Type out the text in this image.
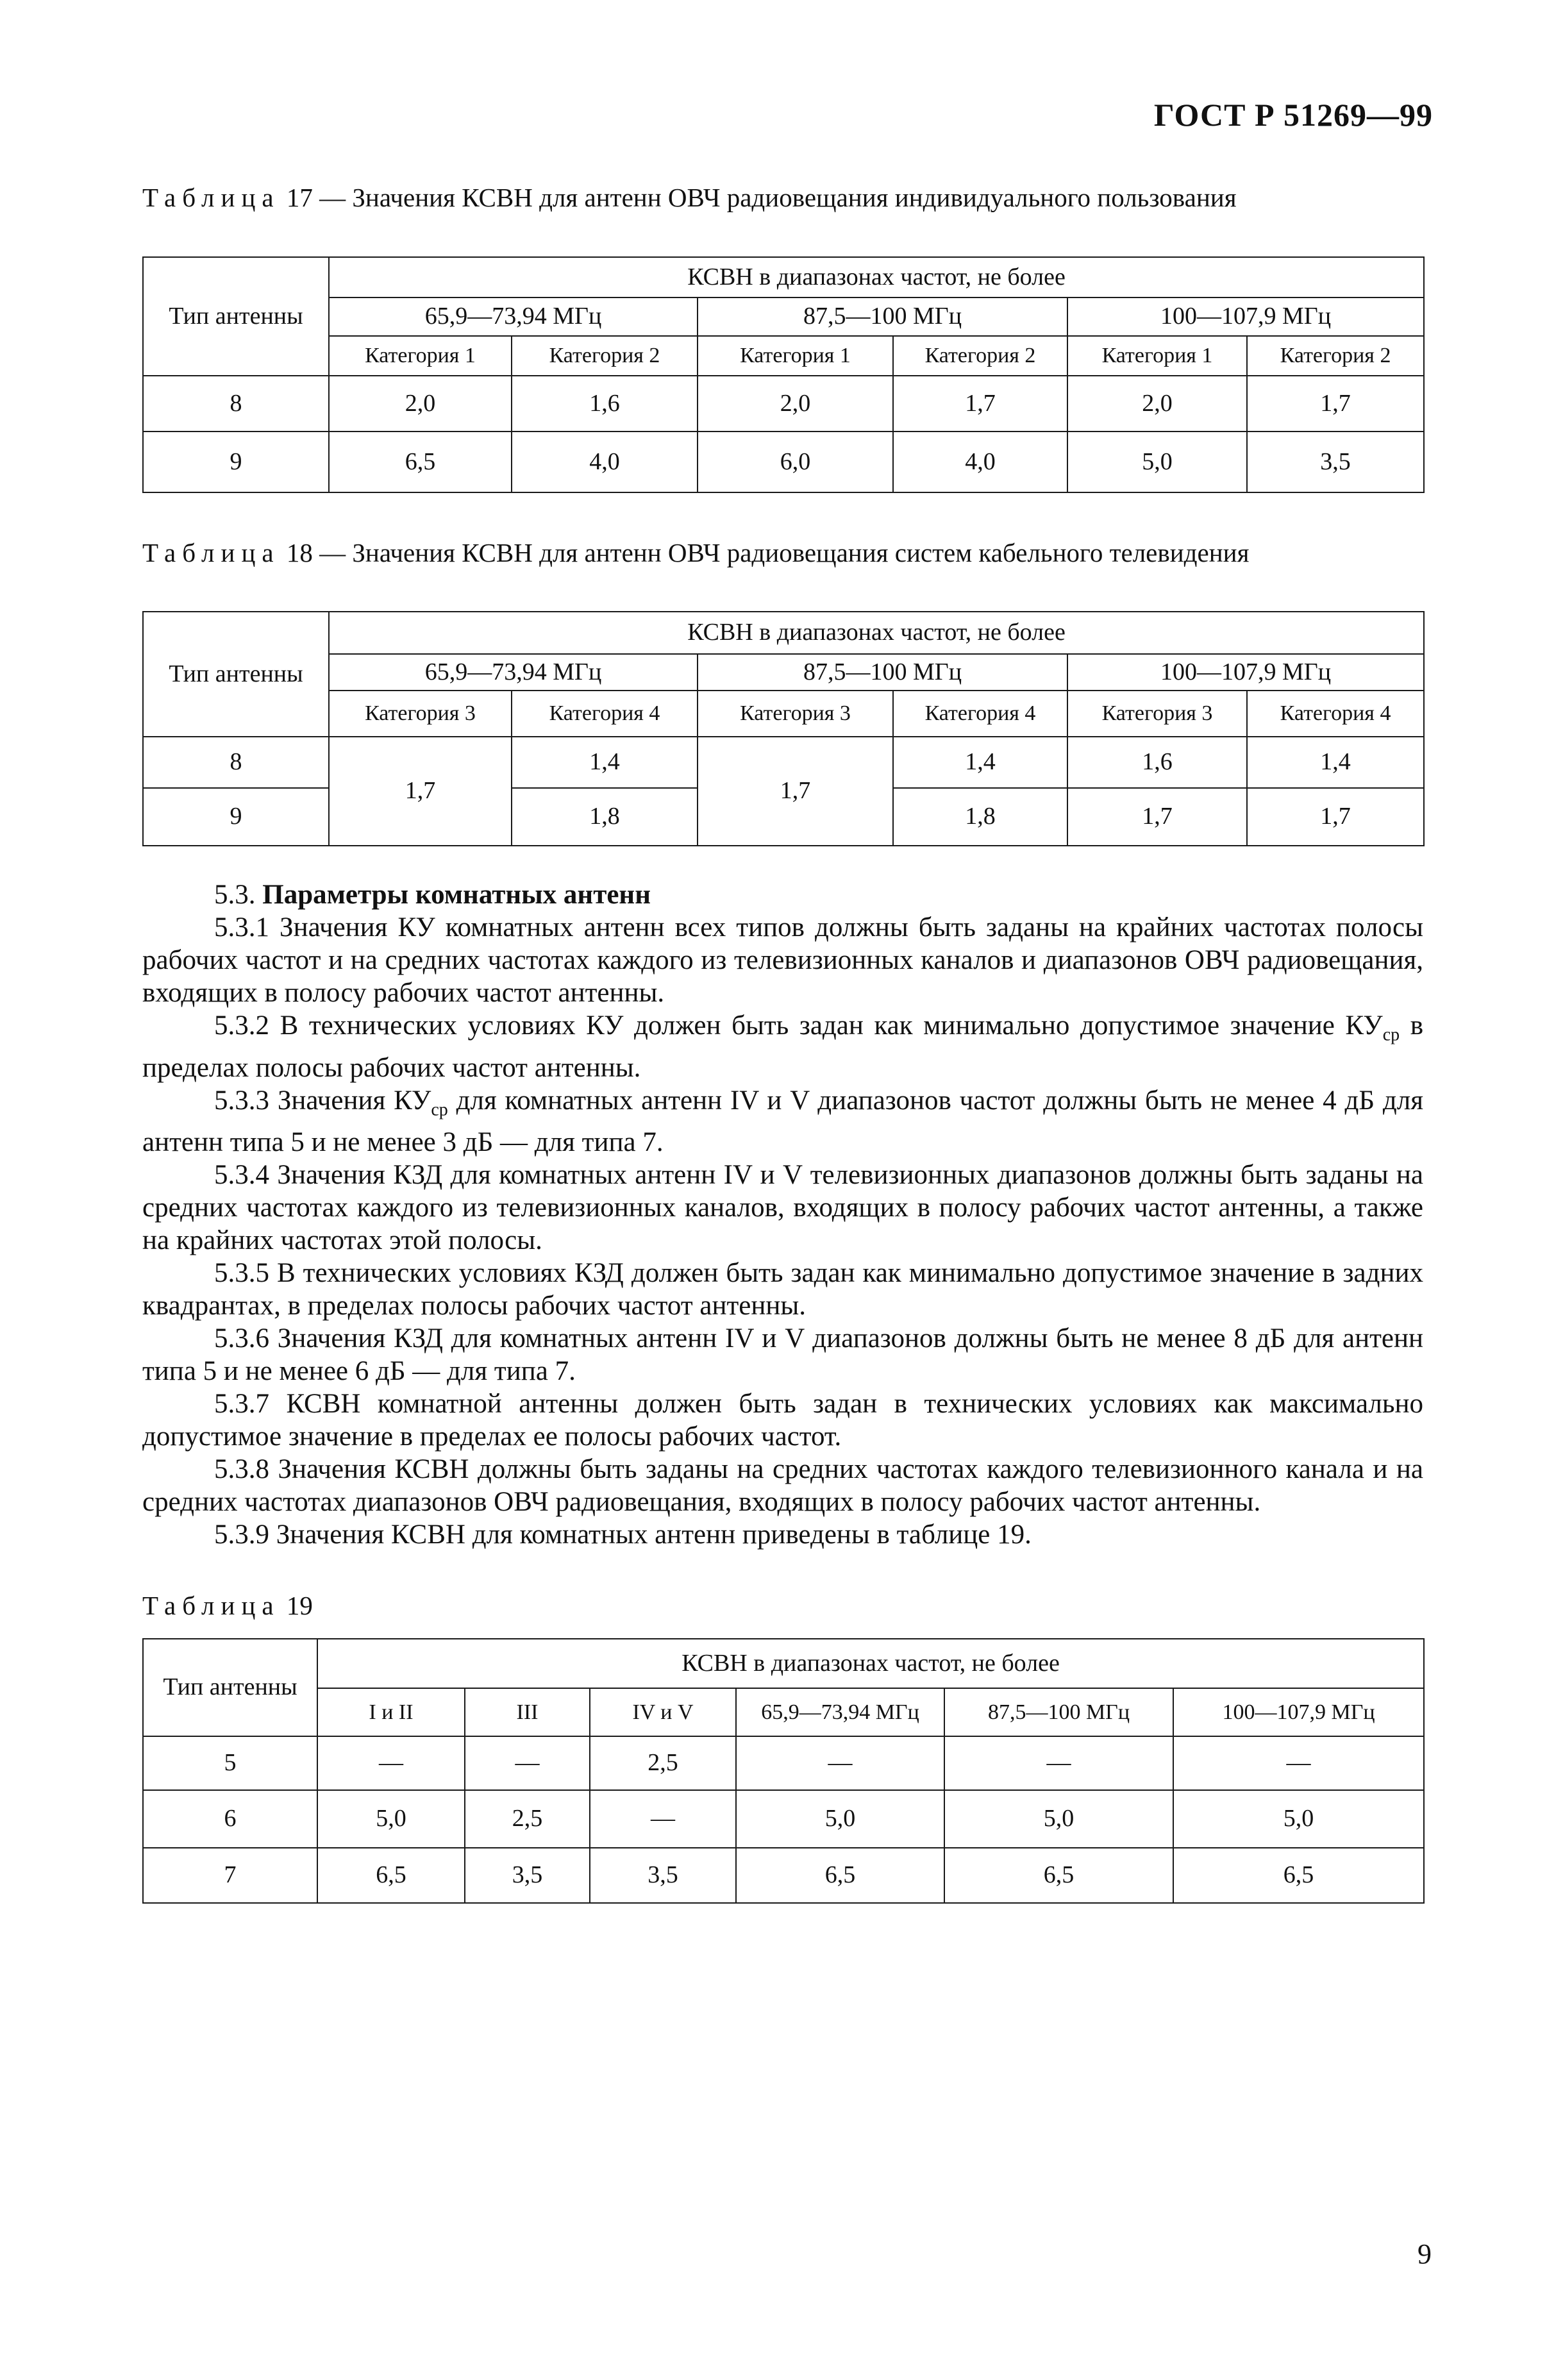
ГОСТ Р 51269—99
Таблица 17 — Значения КСВН для антенн ОВЧ радиовещания индивидуального пользования
Тип антенны	КСВН в диапазонах частот, не более					
	65,9—73,94 МГц		87,5—100 МГц		100—107,9 МГц	
	Категория 1	Категория 2	Категория 1	Категория 2	Категория 1	Категория 2
8	2,0	1,6	2,0	1,7	2,0	1,7
9	6,5	4,0	6,0	4,0	5,0	3,5
Таблица 18 — Значения КСВН для антенн ОВЧ радиовещания систем кабельного телевидения
Тип антенны	КСВН в диапазонах частот, не более					
	65,9—73,94 МГц		87,5—100 МГц		100—107,9 МГц	
	Категория 3	Категория 4	Категория 3	Категория 4	Категория 3	Категория 4
8	1,7	1,4	1,7	1,4	1,6	1,4
9		1,8		1,8	1,7	1,7

5.3. Параметры комнатных антенн

5.3.1 Значения КУ комнатных антенн всех типов должны быть заданы на крайних частотах полосы рабочих частот и на средних частотах каждого из телевизионных каналов и диапазонов ОВЧ радиовещания, входящих в полосу рабочих частот антенны.

5.3.2 В технических условиях КУ должен быть задан как минимально допустимое значение $КУ_{ср}$ в пределах полосы рабочих частот антенны.

5.3.3 Значения $КУ_{ср}$ для комнатных антенн IV и V диапазонов частот должны быть не менее 4 дБ для антенн типа 5 и не менее 3 дБ — для типа 7.

5.3.4 Значения КЗД для комнатных антенн IV и V телевизионных диапазонов должны быть заданы на средних частотах каждого из телевизионных каналов, входящих в полосу рабочих частот антенны, а также на крайних частотах этой полосы.

5.3.5 В технических условиях КЗД должен быть задан как минимально допустимое значение в задних квадрантах, в пределах полосы рабочих частот антенны.

5.3.6 Значения КЗД для комнатных антенн IV и V диапазонов должны быть не менее 8 дБ для антенн типа 5 и не менее 6 дБ — для типа 7.

5.3.7 КСВН комнатной антенны должен быть задан в технических условиях как максимально допустимое значение в пределах ее полосы рабочих частот.

5.3.8 Значения КСВН должны быть заданы на средних частотах каждого телевизионного канала и на средних частотах диапазонов ОВЧ радиовещания, входящих в полосу рабочих частот антенны.

5.3.9 Значения КСВН для комнатных антенн приведены в таблице 19.

Таблица 19
Тип антенны	КСВН в диапазонах частот, не более					
	I и II	III	IV и V	65,9—73,94 МГц	87,5—100 МГц	100—107,9 МГц
5	—	—	2,5	—	—	—
6	5,0	2,5	—	5,0	5,0	5,0
7	6,5	3,5	3,5	6,5	6,5	6,5
9
